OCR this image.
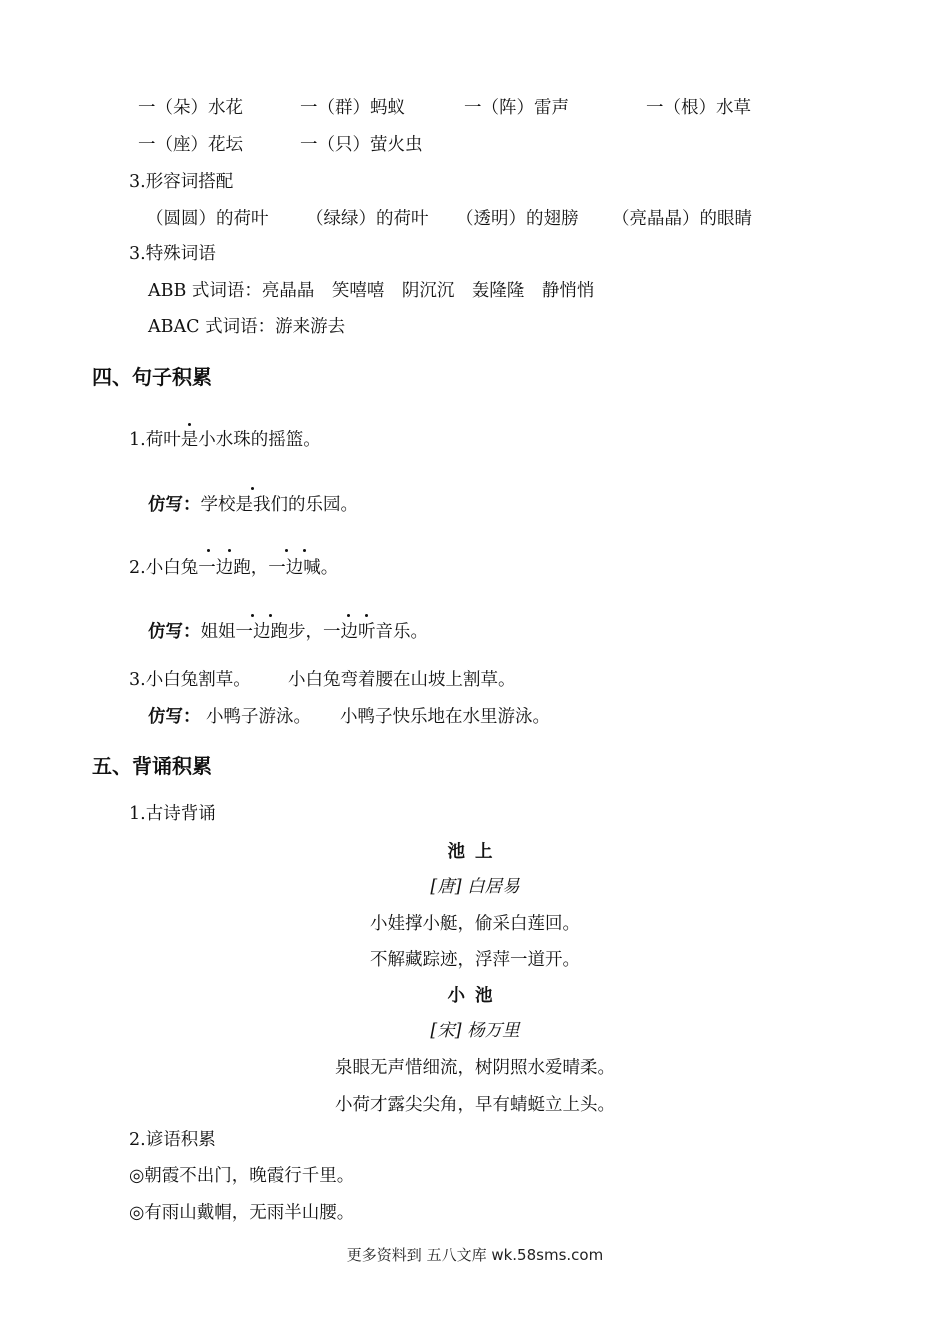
一（朵）水花	一（群）蚂蚁	一（阵）雷声	一（根）水草
一（座）花坛	一（只）萤火虫
3.形容词搭配
（圆圆）的荷叶 （绿绿）的荷叶 （透明）的翅膀 （亮晶晶）的眼睛
3.特殊词语
ABB 式词语：亮晶晶　笑嘻嘻　阴沉沉　轰隆隆　静悄悄
ABAC 式词语：游来游去
四、句子积累
1.荷叶是小水珠的摇篮。
仿写：学校是我们的乐园。
2.小白兔一边跑，一边喊。
仿写：姐姐一边跑步，一边听音乐。
3.小白兔割草。 小白兔弯着腰在山坡上割草。
仿写： 小鸭子游泳。 小鸭子快乐地在水里游泳。
五、背诵积累
1.古诗背诵
池上
[唐] 白居易
小娃撑小艇，偷采白莲回。
不解藏踪迹，浮萍一道开。
小池
[宋] 杨万里
泉眼无声惜细流，树阴照水爱晴柔。
小荷才露尖尖角，早有蜻蜓立上头。
2.谚语积累
◎朝霞不出门，晚霞行千里。
◎有雨山戴帽，无雨半山腰。
更多资料到 五八文库 wk.58sms.com
